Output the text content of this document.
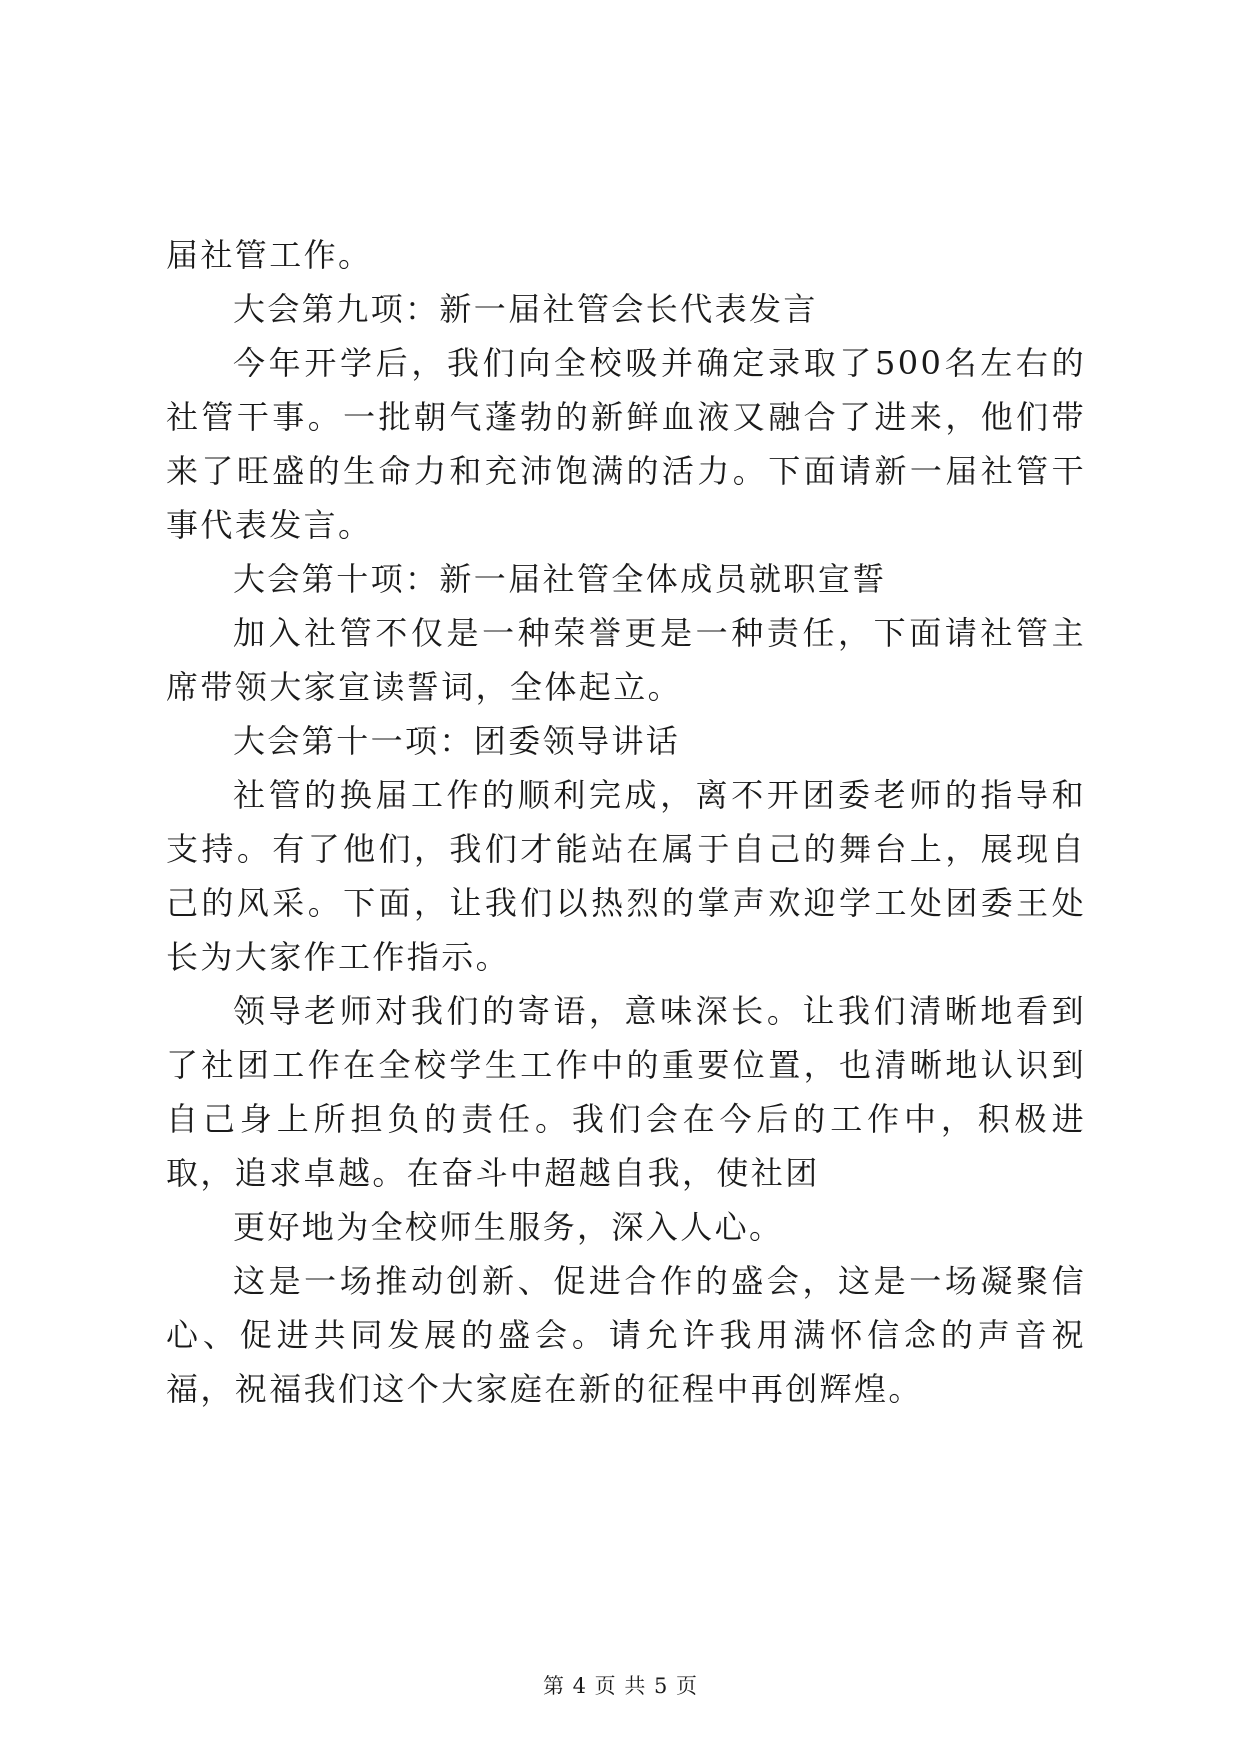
届社管工作。

大会第九项：新一届社管会长代表发言

今年开学后，我们向全校吸并确定录取了500名左右的社管干事。一批朝气蓬勃的新鲜血液又融合了进来，他们带来了旺盛的生命力和充沛饱满的活力。下面请新一届社管干事代表发言。

大会第十项：新一届社管全体成员就职宣誓

加入社管不仅是一种荣誉更是一种责任，下面请社管主席带领大家宣读誓词，全体起立。

大会第十一项：团委领导讲话

社管的换届工作的顺利完成，离不开团委老师的指导和支持。有了他们，我们才能站在属于自己的舞台上，展现自己的风采。下面，让我们以热烈的掌声欢迎学工处团委王处长为大家作工作指示。

领导老师对我们的寄语，意味深长。让我们清晰地看到了社团工作在全校学生工作中的重要位置，也清晰地认识到自己身上所担负的责任。我们会在今后的工作中，积极进取，追求卓越。在奋斗中超越自我，使社团

更好地为全校师生服务，深入人心。

这是一场推动创新、促进合作的盛会，这是一场凝聚信心、促进共同发展的盛会。请允许我用满怀信念的声音祝福，祝福我们这个大家庭在新的征程中再创辉煌。

第 4 页 共 5 页
